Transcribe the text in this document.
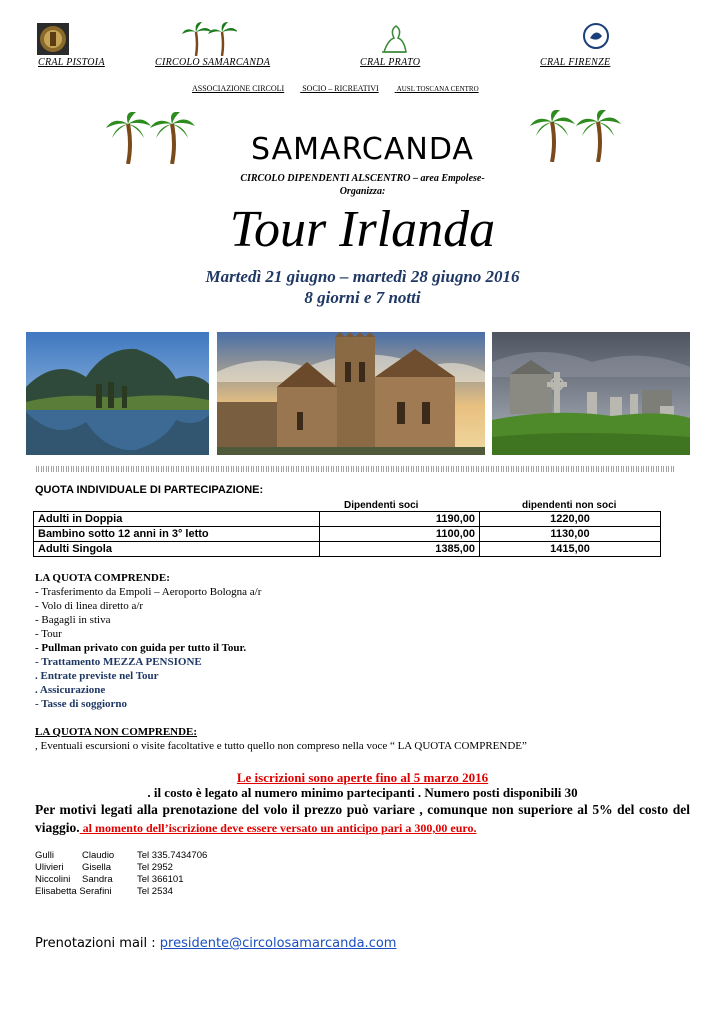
CRAL PISTOIA	CIRCOLO SAMARCANDA	CRAL PRATO	CRAL FIRENZE
ASSOCIAZIONE CIRCOLI SOCIO – RICREATIVI	AUSL TOSCANA CENTRO
SAMARCANDA
CIRCOLO DIPENDENTI ALSCENTRO – area Empolese-
Organizza:
Tour Irlanda
Martedì 21 giugno – martedì 28 giugno 2016
8 giorni e 7 notti
QUOTA INDIVIDUALE DI PARTECIPAZIONE:
Dipendenti soci	dipendenti non soci
Adulti in Doppia	1190,00	1220,00
Bambino sotto 12 anni in 3° letto	1100,00	1130,00
Adulti Singola	1385,00	1415,00
LA QUOTA COMPRENDE:
- Trasferimento da Empoli – Aeroporto Bologna a/r
- Volo di linea diretto a/r
- Bagagli in stiva
- Tour
- Pullman privato con guida per tutto il Tour.
- Trattamento MEZZA PENSIONE
. Entrate previste nel Tour
. Assicurazione
- Tasse di soggiorno
LA QUOTA NON COMPRENDE:
, Eventuali escursioni o visite facoltative e tutto quello non compreso nella voce “ LA QUOTA COMPRENDE”
Le iscrizioni sono aperte fino al 5 marzo 2016
. il costo è legato al numero minimo partecipanti . Numero posti disponibili 30
Per motivi legati alla prenotazione del volo il prezzo può variare , comunque non superiore al 5% del costo del viaggio. al momento dell’iscrizione deve essere versato un anticipo pari a 300,00 euro.
Gulli	Claudio Tel 335.7434706
Ulivieri Gisella	Tel 2952
Niccolini Sandra	Tel 366101
Elisabetta Serafini	Tel 2534
Prenotazioni mail : presidente@circolosamarcanda.com
